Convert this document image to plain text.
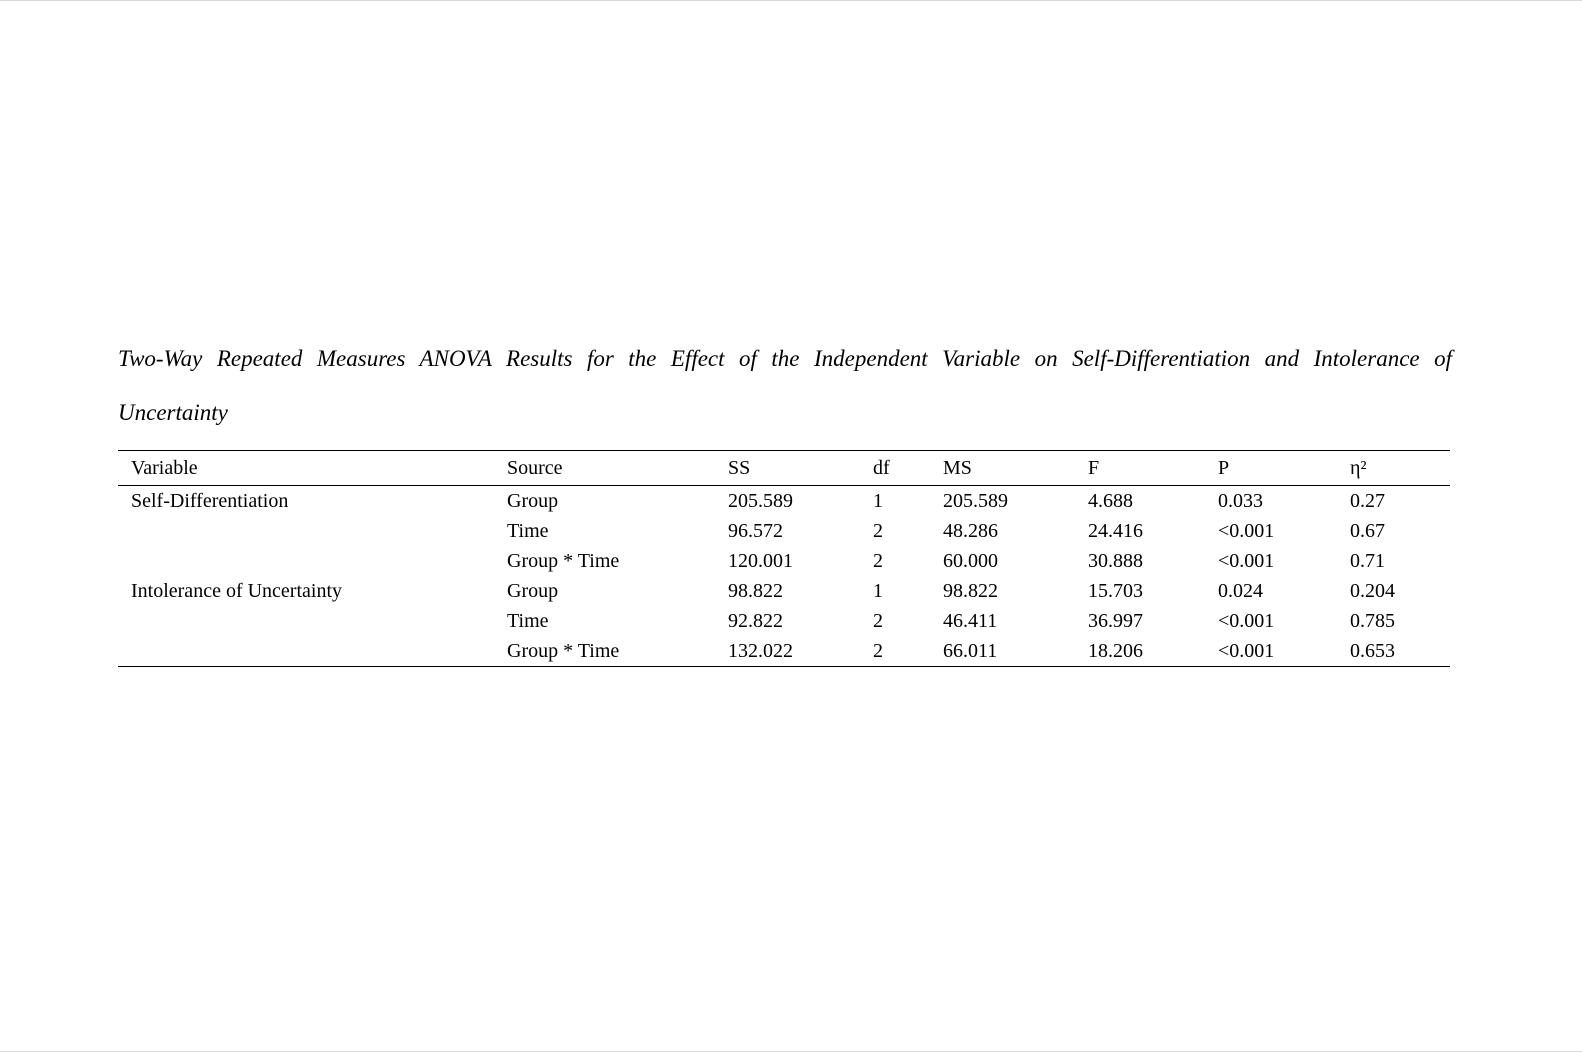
Two-Way Repeated Measures ANOVA Results for the Effect of the Independent Variable on Self-Differentiation and Intolerance of
Uncertainty

Variable	Source	SS	df	MS	F	P	η²
Self-Differentiation	Group	205.589	1	205.589	4.688	0.033	0.27
	Time	96.572	2	48.286	24.416	<0.001	0.67
	Group * Time	120.001	2	60.000	30.888	<0.001	0.71
Intolerance of Uncertainty	Group	98.822	1	98.822	15.703	0.024	0.204
	Time	92.822	2	46.411	36.997	<0.001	0.785
	Group * Time	132.022	2	66.011	18.206	<0.001	0.653
